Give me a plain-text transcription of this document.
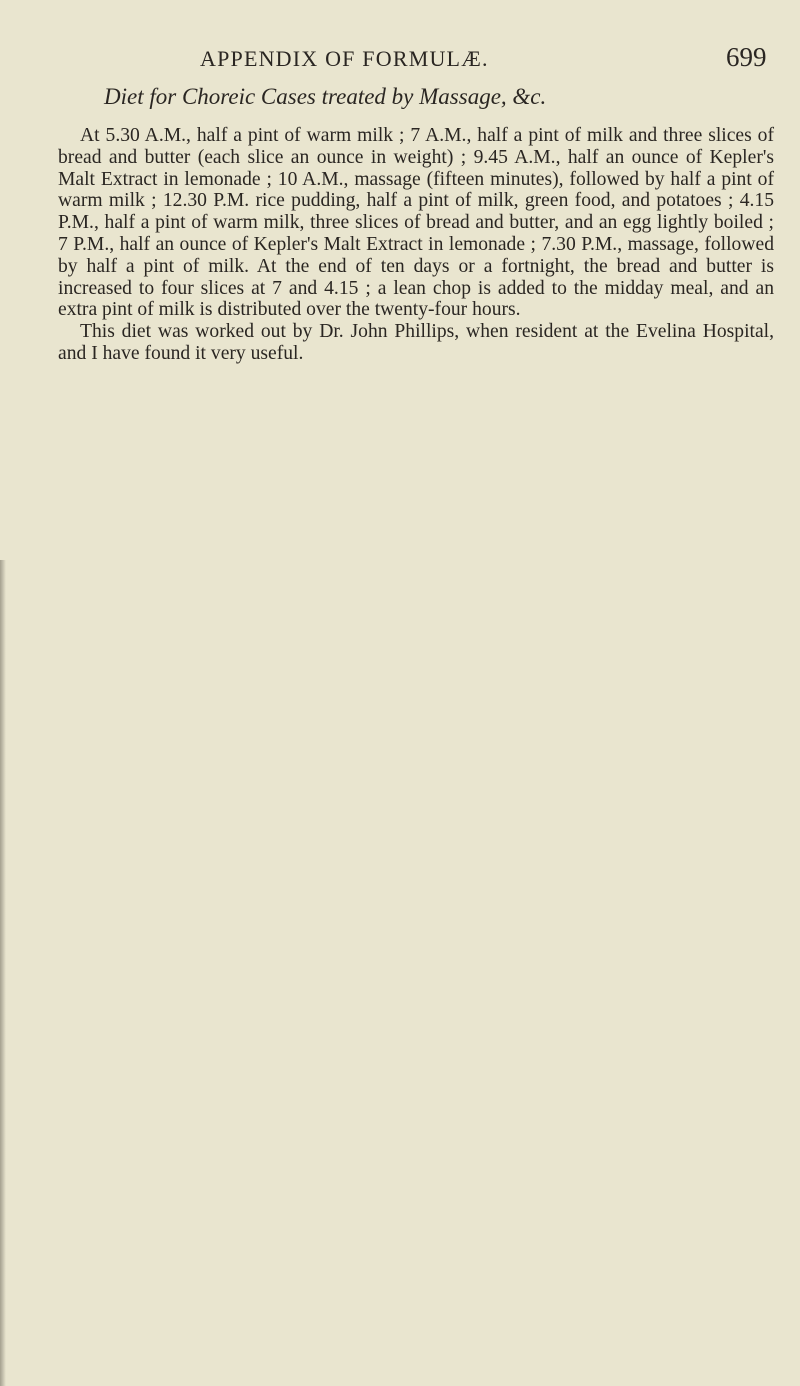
APPENDIX OF FORMULÆ.	699
Diet for Choreic Cases treated by Massage, &c.

At 5.30 A.M., half a pint of warm milk ; 7 A.M., half a pint of milk and three slices of bread and butter (each slice an ounce in weight) ; 9.45 A.M., half an ounce of Kepler's Malt Extract in lemonade ; 10 A.M., massage (fifteen minutes), followed by half a pint of warm milk ; 12.30 P.M. rice pudding, half a pint of milk, green food, and potatoes ; 4.15 P.M., half a pint of warm milk, three slices of bread and butter, and an egg lightly boiled ; 7 P.M., half an ounce of Kepler's Malt Extract in lemonade ; 7.30 P.M., massage, followed by half a pint of milk. At the end of ten days or a fortnight, the bread and butter is increased to four slices at 7 and 4.15 ; a lean chop is added to the midday meal, and an extra pint of milk is distributed over the twenty-four hours.

This diet was worked out by Dr. John Phillips, when resident at the Evelina Hospital, and I have found it very useful.
